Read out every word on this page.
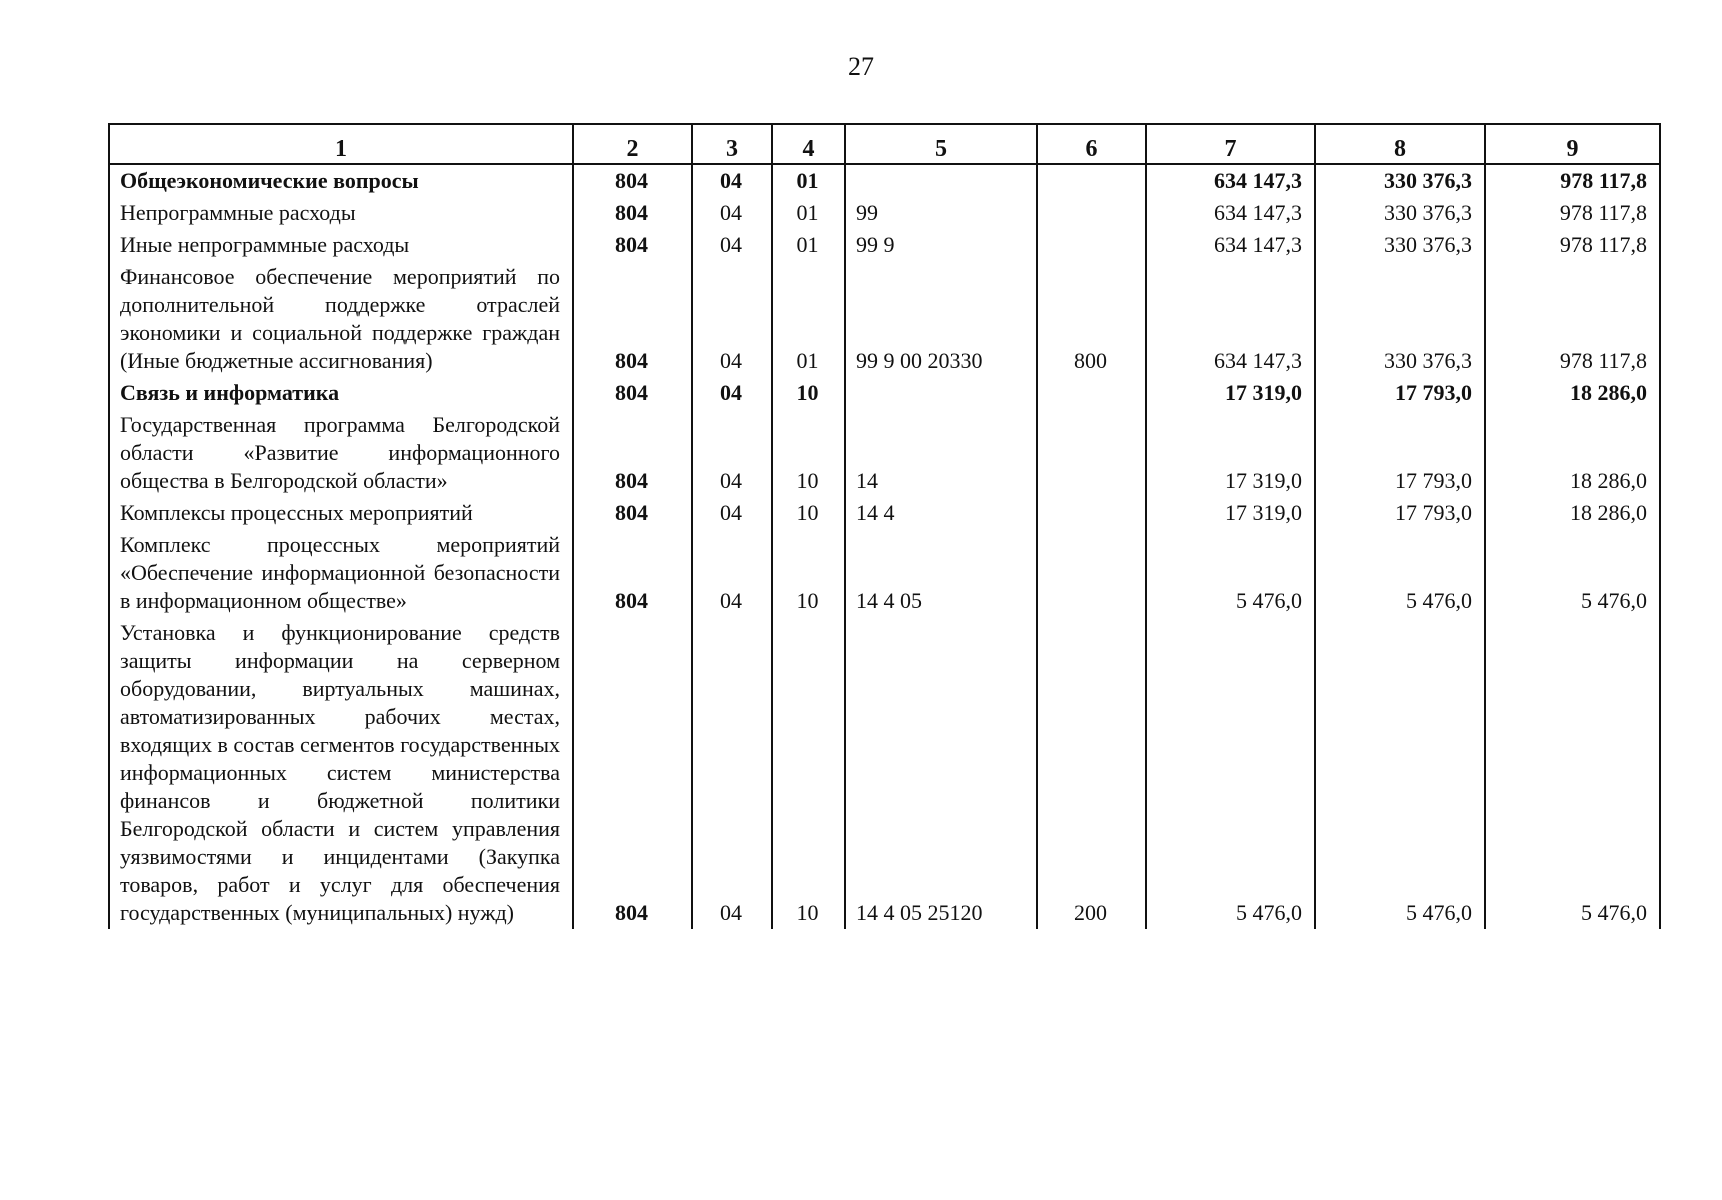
27
1	2	3	4	5	6	7	8	9
Общеэкономические вопросы	804	04	01			634 147,3	330 376,3	978 117,8
Непрограммные расходы	804	04	01	99		634 147,3	330 376,3	978 117,8
Иные непрограммные расходы	804	04	01	99 9		634 147,3	330 376,3	978 117,8
Финансовое обеспечение мероприятий по дополнительной поддержке отраслей экономики и социальной поддержке граждан (Иные бюджетные ассигнования)	804	04	01	99 9 00 20330	800	634 147,3	330 376,3	978 117,8
Связь и информатика	804	04	10			17 319,0	17 793,0	18 286,0
Государственная программа Белгородской области «Развитие информационного общества в Белгородской области»	804	04	10	14		17 319,0	17 793,0	18 286,0
Комплексы процессных мероприятий	804	04	10	14 4		17 319,0	17 793,0	18 286,0
Комплекс процессных мероприятий «Обеспечение информационной безопасности в информационном обществе»	804	04	10	14 4 05		5 476,0	5 476,0	5 476,0
Установка и функционирование средств защиты информации на серверном оборудовании, виртуальных машинах, автоматизированных рабочих местах, входящих в состав сегментов государственных информационных систем министерства финансов и бюджетной политики Белгородской области и систем управления уязвимостями и инцидентами (Закупка товаров, работ и услуг для обеспечения государственных (муниципальных) нужд)	804	04	10	14 4 05 25120	200	5 476,0	5 476,0	5 476,0
